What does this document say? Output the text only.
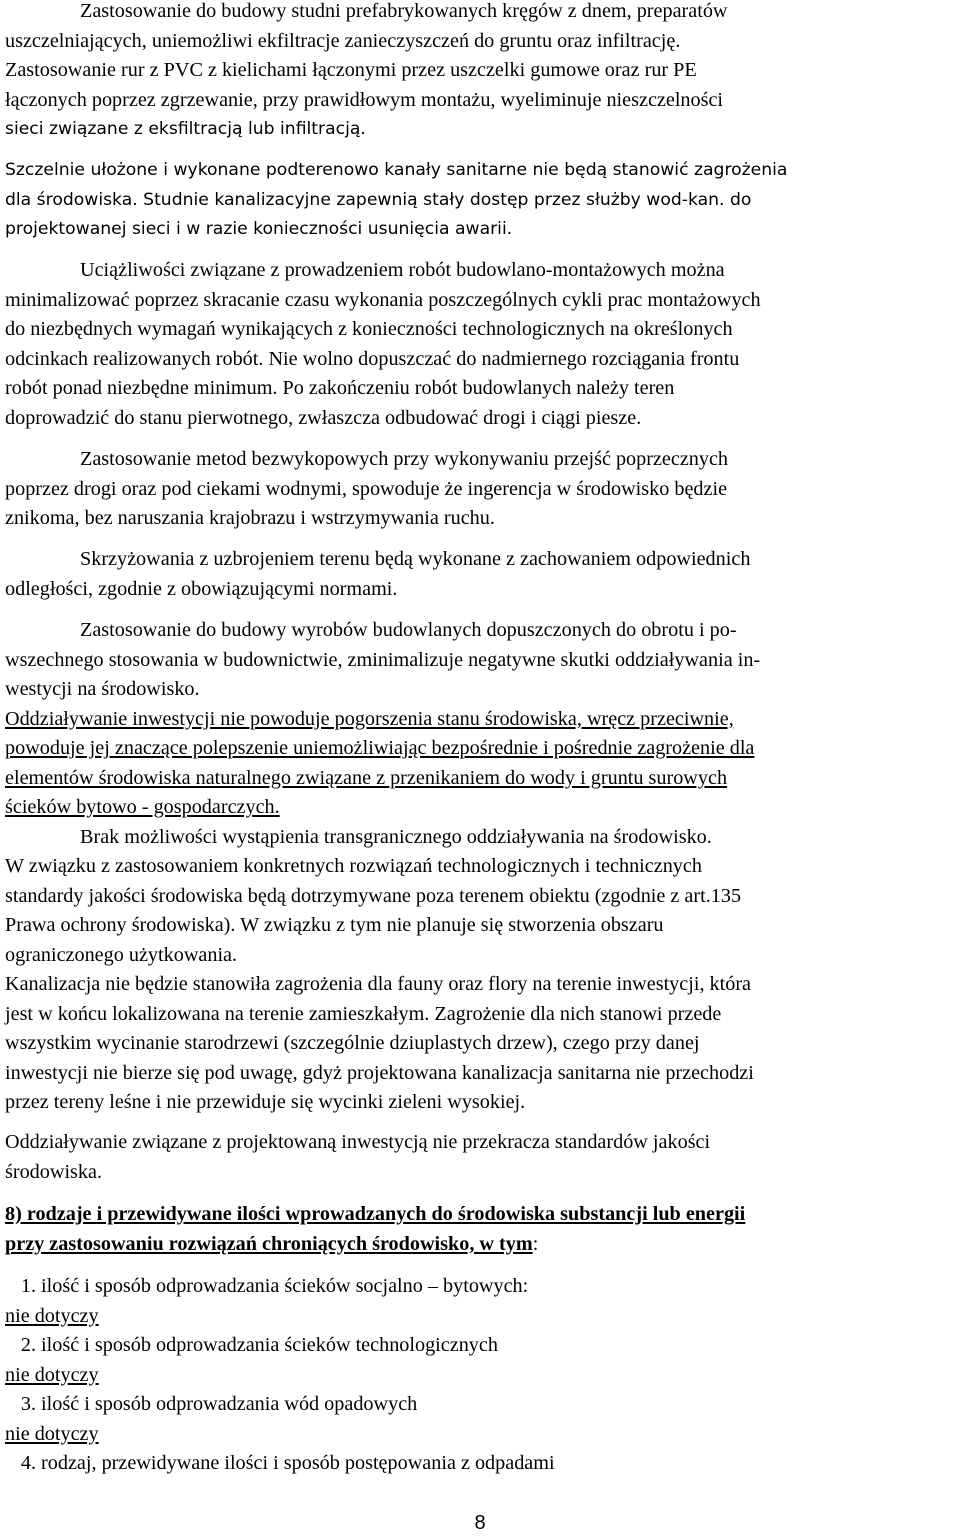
Zastosowanie do budowy studni prefabrykowanych kręgów z dnem, preparatów
uszczelniających, uniemożliwi ekfiltracje zanieczyszczeń do gruntu oraz infiltrację.
Zastosowanie rur z PVC z kielichami łączonymi przez uszczelki gumowe oraz rur PE
łączonych poprzez zgrzewanie, przy prawidłowym montażu, wyeliminuje nieszczelności
sieci związane z eksfiltracją lub infiltracją.
Szczelnie ułożone i wykonane podterenowo kanały sanitarne nie będą stanowić zagrożenia
dla środowiska. Studnie kanalizacyjne zapewnią stały dostęp przez służby wod-kan. do
projektowanej sieci i w razie konieczności usunięcia awarii.
Uciążliwości związane z prowadzeniem robót budowlano-montażowych można
minimalizować poprzez skracanie czasu wykonania poszczególnych cykli prac montażowych
do niezbędnych wymagań wynikających z konieczności technologicznych na określonych
odcinkach realizowanych robót. Nie wolno dopuszczać do nadmiernego rozciągania frontu
robót ponad niezbędne minimum. Po zakończeniu robót budowlanych należy teren
doprowadzić do stanu pierwotnego, zwłaszcza odbudować drogi i ciągi piesze.
Zastosowanie metod bezwykopowych przy wykonywaniu przejść poprzecznych
poprzez drogi oraz pod ciekami wodnymi, spowoduje że ingerencja w środowisko będzie
znikoma, bez naruszania krajobrazu i wstrzymywania ruchu.
Skrzyżowania z uzbrojeniem terenu będą wykonane z zachowaniem odpowiednich
odległości, zgodnie z obowiązującymi normami.
Zastosowanie do budowy wyrobów budowlanych dopuszczonych do obrotu i po-
wszechnego stosowania w budownictwie, zminimalizuje negatywne skutki oddziaływania in-
westycji na środowisko.
Oddziaływanie inwestycji nie powoduje pogorszenia stanu środowiska, wręcz przeciwnie,
powoduje jej znaczące polepszenie uniemożliwiając bezpośrednie i pośrednie zagrożenie dla
elementów środowiska naturalnego związane z przenikaniem do wody i gruntu surowych
ścieków bytowo - gospodarczych.
Brak możliwości wystąpienia transgranicznego oddziaływania na środowisko.
W związku z zastosowaniem konkretnych rozwiązań technologicznych i technicznych
standardy jakości środowiska będą dotrzymywane poza terenem obiektu (zgodnie z art.135
Prawa ochrony środowiska). W związku z tym nie planuje się stworzenia obszaru
ograniczonego użytkowania.
Kanalizacja nie będzie stanowiła zagrożenia dla fauny oraz flory na terenie inwestycji, która
jest w końcu lokalizowana na terenie zamieszkałym. Zagrożenie dla nich stanowi przede
wszystkim wycinanie starodrzewi (szczególnie dziuplastych drzew), czego przy danej
inwestycji nie bierze się pod uwagę, gdyż projektowana kanalizacja sanitarna nie przechodzi
przez tereny leśne i nie przewiduje się wycinki zieleni wysokiej.
Oddziaływanie związane z projektowaną inwestycją nie przekracza standardów jakości
środowiska.
8) rodzaje i przewidywane ilości wprowadzanych do środowiska substancji lub energii
przy zastosowaniu rozwiązań chroniących środowisko, w tym:
1. ilość i sposób odprowadzania ścieków socjalno – bytowych:
nie dotyczy
2. ilość i sposób odprowadzania ścieków technologicznych
nie dotyczy
3. ilość i sposób odprowadzania wód opadowych
nie dotyczy
4. rodzaj, przewidywane ilości i sposób postępowania z odpadami
8
